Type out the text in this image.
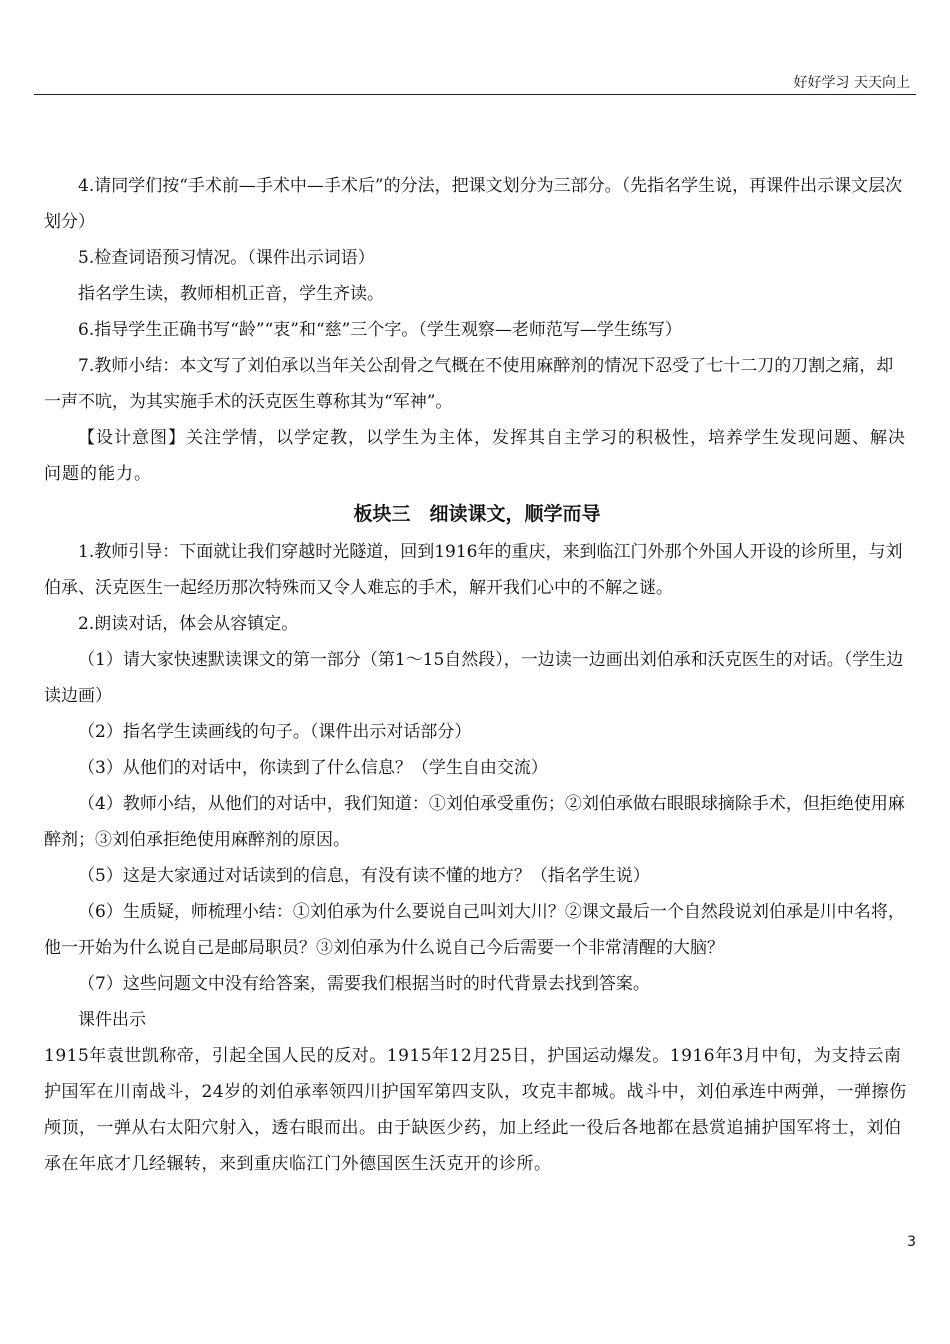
好好学习 天天向上

4.请同学们按“手术前—手术中—手术后”的分法，把课文划分为三部分。（先指名学生说，再课件出示课文层次划分）

5.检查词语预习情况。（课件出示词语）

指名学生读，教师相机正音，学生齐读。

6.指导学生正确书写“龄”“衷”和“慈”三个字。（学生观察—老师范写—学生练写）

7.教师小结：本文写了刘伯承以当年关公刮骨之气概在不使用麻醉剂的情况下忍受了七十二刀的刀割之痛，却一声不吭，为其实施手术的沃克医生尊称其为“军神”。

【设计意图】关注学情，以学定教，以学生为主体，发挥其自主学习的积极性，培养学生发现问题、解决问题的能力。

板块三　细读课文，顺学而导

1.教师引导：下面就让我们穿越时光隧道，回到1916年的重庆，来到临江门外那个外国人开设的诊所里，与刘伯承、沃克医生一起经历那次特殊而又令人难忘的手术，解开我们心中的不解之谜。

2.朗读对话，体会从容镇定。

（1）请大家快速默读课文的第一部分（第1～15自然段），一边读一边画出刘伯承和沃克医生的对话。（学生边读边画）

（2）指名学生读画线的句子。（课件出示对话部分）

（3）从他们的对话中，你读到了什么信息？（学生自由交流）

（4）教师小结，从他们的对话中，我们知道：①刘伯承受重伤；②刘伯承做右眼眼球摘除手术，但拒绝使用麻醉剂；③刘伯承拒绝使用麻醉剂的原因。

（5）这是大家通过对话读到的信息，有没有读不懂的地方？（指名学生说）

（6）生质疑，师梳理小结：①刘伯承为什么要说自己叫刘大川？②课文最后一个自然段说刘伯承是川中名将，他一开始为什么说自己是邮局职员？③刘伯承为什么说自己今后需要一个非常清醒的大脑？

（7）这些问题文中没有给答案，需要我们根据当时的时代背景去找到答案。

课件出示

1915年袁世凯称帝，引起全国人民的反对。1915年12月25日，护国运动爆发。1916年3月中旬，为支持云南护国军在川南战斗，24岁的刘伯承率领四川护国军第四支队，攻克丰都城。战斗中，刘伯承连中两弹，一弹擦伤颅顶，一弹从右太阳穴射入，透右眼而出。由于缺医少药，加上经此一役后各地都在悬赏追捕护国军将士，刘伯承在年底才几经辗转，来到重庆临江门外德国医生沃克开的诊所。

3
